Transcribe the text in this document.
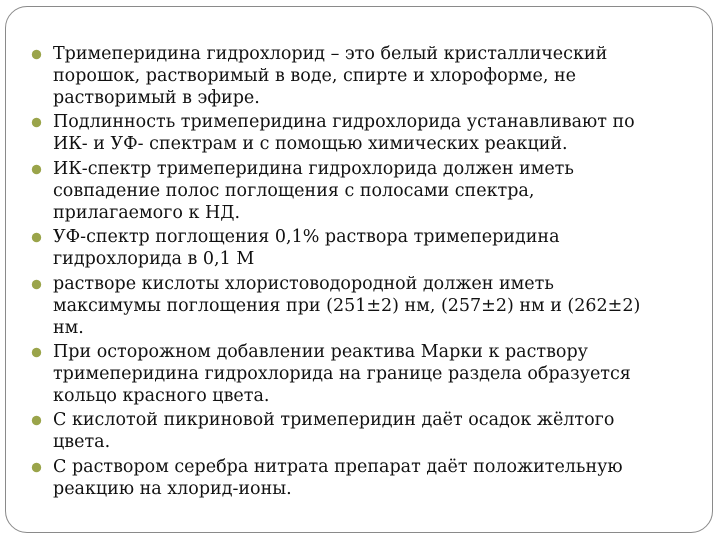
Тримеперидина гидрохлорид – это белый кристаллический
порошок, растворимый в воде, спирте и хлороформе, не
растворимый в эфире.
Подлинность тримеперидина гидрохлорида устанавливают по
ИК- и УФ- спектрам и с помощью химических реакций.
ИК-спектр тримеперидина гидрохлорида должен иметь
совпадение полос поглощения с полосами спектра,
прилагаемого к НД.
УФ-спектр поглощения 0,1% раствора тримеперидина
гидрохлорида в 0,1 М
растворе кислоты хлористоводородной должен иметь
максимумы поглощения при (251±2) нм, (257±2) нм и (262±2)
нм.
При осторожном добавлении реактива Марки к раствору
тримеперидина гидрохлорида на границе раздела образуется
кольцо красного цвета.
С кислотой пикриновой тримеперидин даёт осадок жёлтого
цвета.
С раствором серебра нитрата препарат даёт положительную
реакцию на хлорид-ионы.
